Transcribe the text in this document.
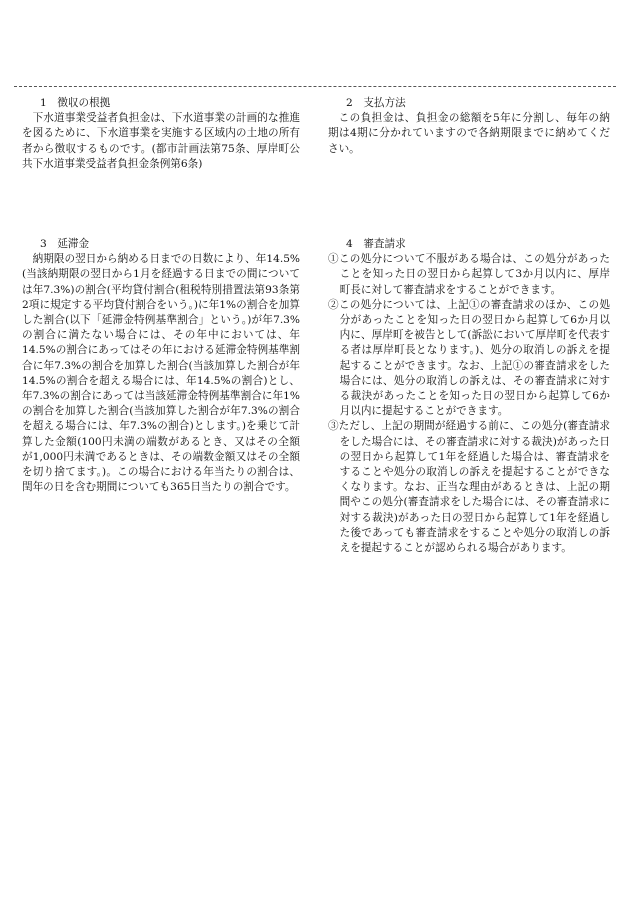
1　徴収の根拠

下水道事業受益者負担金は、下水道事業の計画的な推進を図るために、下水道事業を実施する区域内の土地の所有者から徴収するものです。(都市計画法第75条、厚岸町公共下水道事業受益者負担金条例第6条)

2　支払方法

この負担金は、負担金の総額を5年に分割し、毎年の納期は4期に分かれていますので各納期限までに納めてください。

3　延滞金

納期限の翌日から納める日までの日数により、年14.5%(当該納期限の翌日から1月を経過する日までの間については年7.3%)の割合(平均貸付割合(租税特別措置法第93条第2項に規定する平均貸付割合をいう。)に年1%の割合を加算した割合(以下「延滞金特例基準割合」という。)が年7.3%の割合に満たない場合には、その年中においては、年14.5%の割合にあってはその年における延滞金特例基準割合に年7.3%の割合を加算した割合(当該加算した割合が年14.5%の割合を超える場合には、年14.5%の割合)とし、年7.3%の割合にあっては当該延滞金特例基準割合に年1%の割合を加算した割合(当該加算した割合が年7.3%の割合を超える場合には、年7.3%の割合)とします。)を乗じて計算した金額(100円未満の端数があるとき、又はその全額が1,000円未満であるときは、その端数金額又はその全額を切り捨てます。)。この場合における年当たりの割合は、閏年の日を含む期間についても365日当たりの割合です。

4　審査請求
①この処分について不服がある場合は、この処分があったことを知った日の翌日から起算して3か月以内に、厚岸町長に対して審査請求をすることができます。
②この処分については、上記①の審査請求のほか、この処分があったことを知った日の翌日から起算して6か月以内に、厚岸町を被告として(訴訟において厚岸町を代表する者は厚岸町長となります。)、処分の取消しの訴えを提起することができます。なお、上記①の審査請求をした場合には、処分の取消しの訴えは、その審査請求に対する裁決があったことを知った日の翌日から起算して6か月以内に提起することができます。
③ただし、上記の期間が経過する前に、この処分(審査請求をした場合には、その審査請求に対する裁決)があった日の翌日から起算して1年を経過した場合は、審査請求をすることや処分の取消しの訴えを提起することができなくなります。なお、正当な理由があるときは、上記の期間やこの処分(審査請求をした場合には、その審査請求に対する裁決)があった日の翌日から起算して1年を経過した後であっても審査請求をすることや処分の取消しの訴えを提起することが認められる場合があります。
